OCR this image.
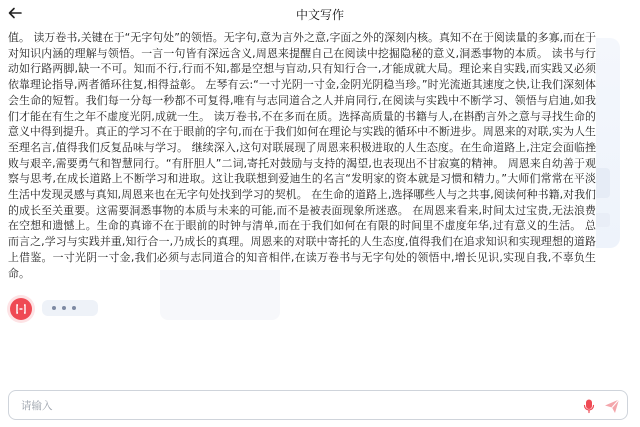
中文写作

值。 读万卷书,关键在于“无字句处”的领悟。无字句,意为言外之意,字面之外的深刻内核。真知不在于阅读量的多寡,而在于对知识内涵的理解与领悟。一言一句皆有深远含义,周恩来提醒自己在阅读中挖掘隐秘的意义,洞悉事物的本质。 读书与行动如行路两脚,缺一不可。知而不行,行而不知,都是空想与盲动,只有知行合一,才能成就大局。理论来自实践,而实践又必须依靠理论指导,两者循环往复,相得益彰。 左琴有云:“一寸光阴一寸金,金阴光阴稳当珍。”时光流逝其速度之快,让我们深刻体会生命的短暂。我们每一分每一秒都不可复得,唯有与志同道合之人并肩同行,在阅读与实践中不断学习、领悟与启迪,如我们才能在有生之年不虚度光阴,成就一生。 读万卷书,不在多而在质。选择高质量的书籍与人,在斟酌言外之意与寻找生命的意义中得到提升。真正的学习不在于眼前的字句,而在于我们如何在理论与实践的循环中不断进步。周恩来的对联,实为人生至理名言,值得我们反复品味与学习。 继续深入,这句对联展现了周恩来积极进取的人生态度。在生命道路上,注定会面临挫败与艰辛,需要勇气和智慧同行。“有肝胆人”二词,寄托对鼓励与支持的渴望,也表现出不甘寂寞的精神。 周恩来自幼善于观察与思考,在成长道路上不断学习和进取。这让我联想到爱迪生的名言“发明家的资本就是习惯和精力。”大师们常常在平淡生活中发现灵感与真知,周恩来也在无字句处找到学习的契机。 在生命的道路上,选择哪些人与之共事,阅读何种书籍,对我们的成长至关重要。这需要洞悉事物的本质与未来的可能,而不是被表面现象所迷惑。 在周恩来看来,时间太过宝贵,无法浪费在空想和遗憾上。生命的真谛不在于眼前的时钟与清单,而在于我们如何在有限的时间里不虚度年华,过有意义的生活。 总而言之,学习与实践并重,知行合一,乃成长的真理。周恩来的对联中寄托的人生态度,值得我们在追求知识和实现理想的道路上借鉴。一寸光阴一寸金,我们必须与志同道合的知音相伴,在读万卷书与无字句处的领悟中,增长见识,实现自我,不辜负生命。

请输入
